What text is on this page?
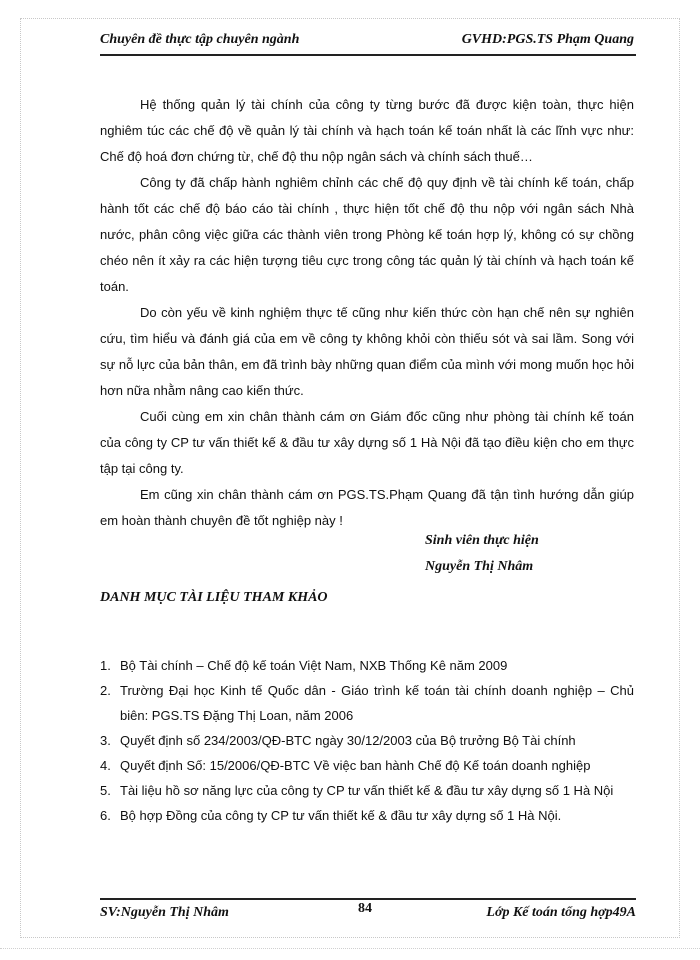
Chuyên đề thực tập chuyên ngành	GVHD:PGS.TS Phạm Quang

Hệ thống quản lý tài chính của công ty từng bước đã được kiện toàn, thực hiện nghiêm túc các chế độ về quản lý tài chính và hạch toán kế toán nhất là các lĩnh vực như: Chế độ hoá đơn chứng từ, chế độ thu nộp ngân sách và chính sách thuế…

Công ty đã chấp hành nghiêm chỉnh các chế độ quy định về tài chính kế toán, chấp hành tốt các chế độ báo cáo tài chính , thực hiện tốt chế độ thu nộp với ngân sách Nhà nước, phân công việc giữa các thành viên trong Phòng kế toán hợp lý, không có sự chồng chéo nên ít xảy ra các hiện tượng tiêu cực trong công tác quản lý tài chính và hạch toán kế toán.

Do còn yếu về kinh nghiệm thực tế cũng như kiến thức còn hạn chế nên sự nghiên cứu, tìm hiểu và đánh giá của em về công ty không khỏi còn thiếu sót và sai lầm. Song với sự nỗ lực của bản thân, em đã trình bày những quan điểm của mình với mong muốn học hỏi hơn nữa nhằm nâng cao kiến thức.

Cuối cùng em xin chân thành cám ơn Giám đốc cũng như phòng tài chính kế toán của công ty CP tư vấn thiết kế & đầu tư xây dựng số 1 Hà Nội đã tạo điều kiện cho em thực tập tại công ty.

Em cũng xin chân thành cám ơn PGS.TS.Phạm Quang đã tận tình hướng dẫn giúp em hoàn thành chuyên đề tốt nghiệp này !

Sinh viên thực hiện
Nguyễn Thị Nhâm
DANH MỤC TÀI LIỆU THAM KHẢO
1. Bộ Tài chính – Chế độ kế toán Việt Nam, NXB Thống Kê năm 2009
2. Trường Đại học Kinh tế Quốc dân - Giáo trình kế toán tài chính doanh nghiệp – Chủ biên: PGS.TS Đặng Thị Loan, năm 2006
3. Quyết định số 234/2003/QĐ-BTC ngày 30/12/2003 của Bộ trưởng Bộ Tài chính
4. Quyết định Số: 15/2006/QĐ-BTC Về việc ban hành Chế độ Kế toán doanh nghiệp
5. Tài liệu hồ sơ năng lực của công ty CP tư vấn thiết kế & đầu tư xây dựng số 1 Hà Nội
6. Bộ hợp Đồng của công ty CP tư vấn thiết kế & đầu tư xây dựng số 1 Hà Nội.
SV:Nguyễn Thị Nhâm	84	Lớp Kế toán tổng hợp49A
